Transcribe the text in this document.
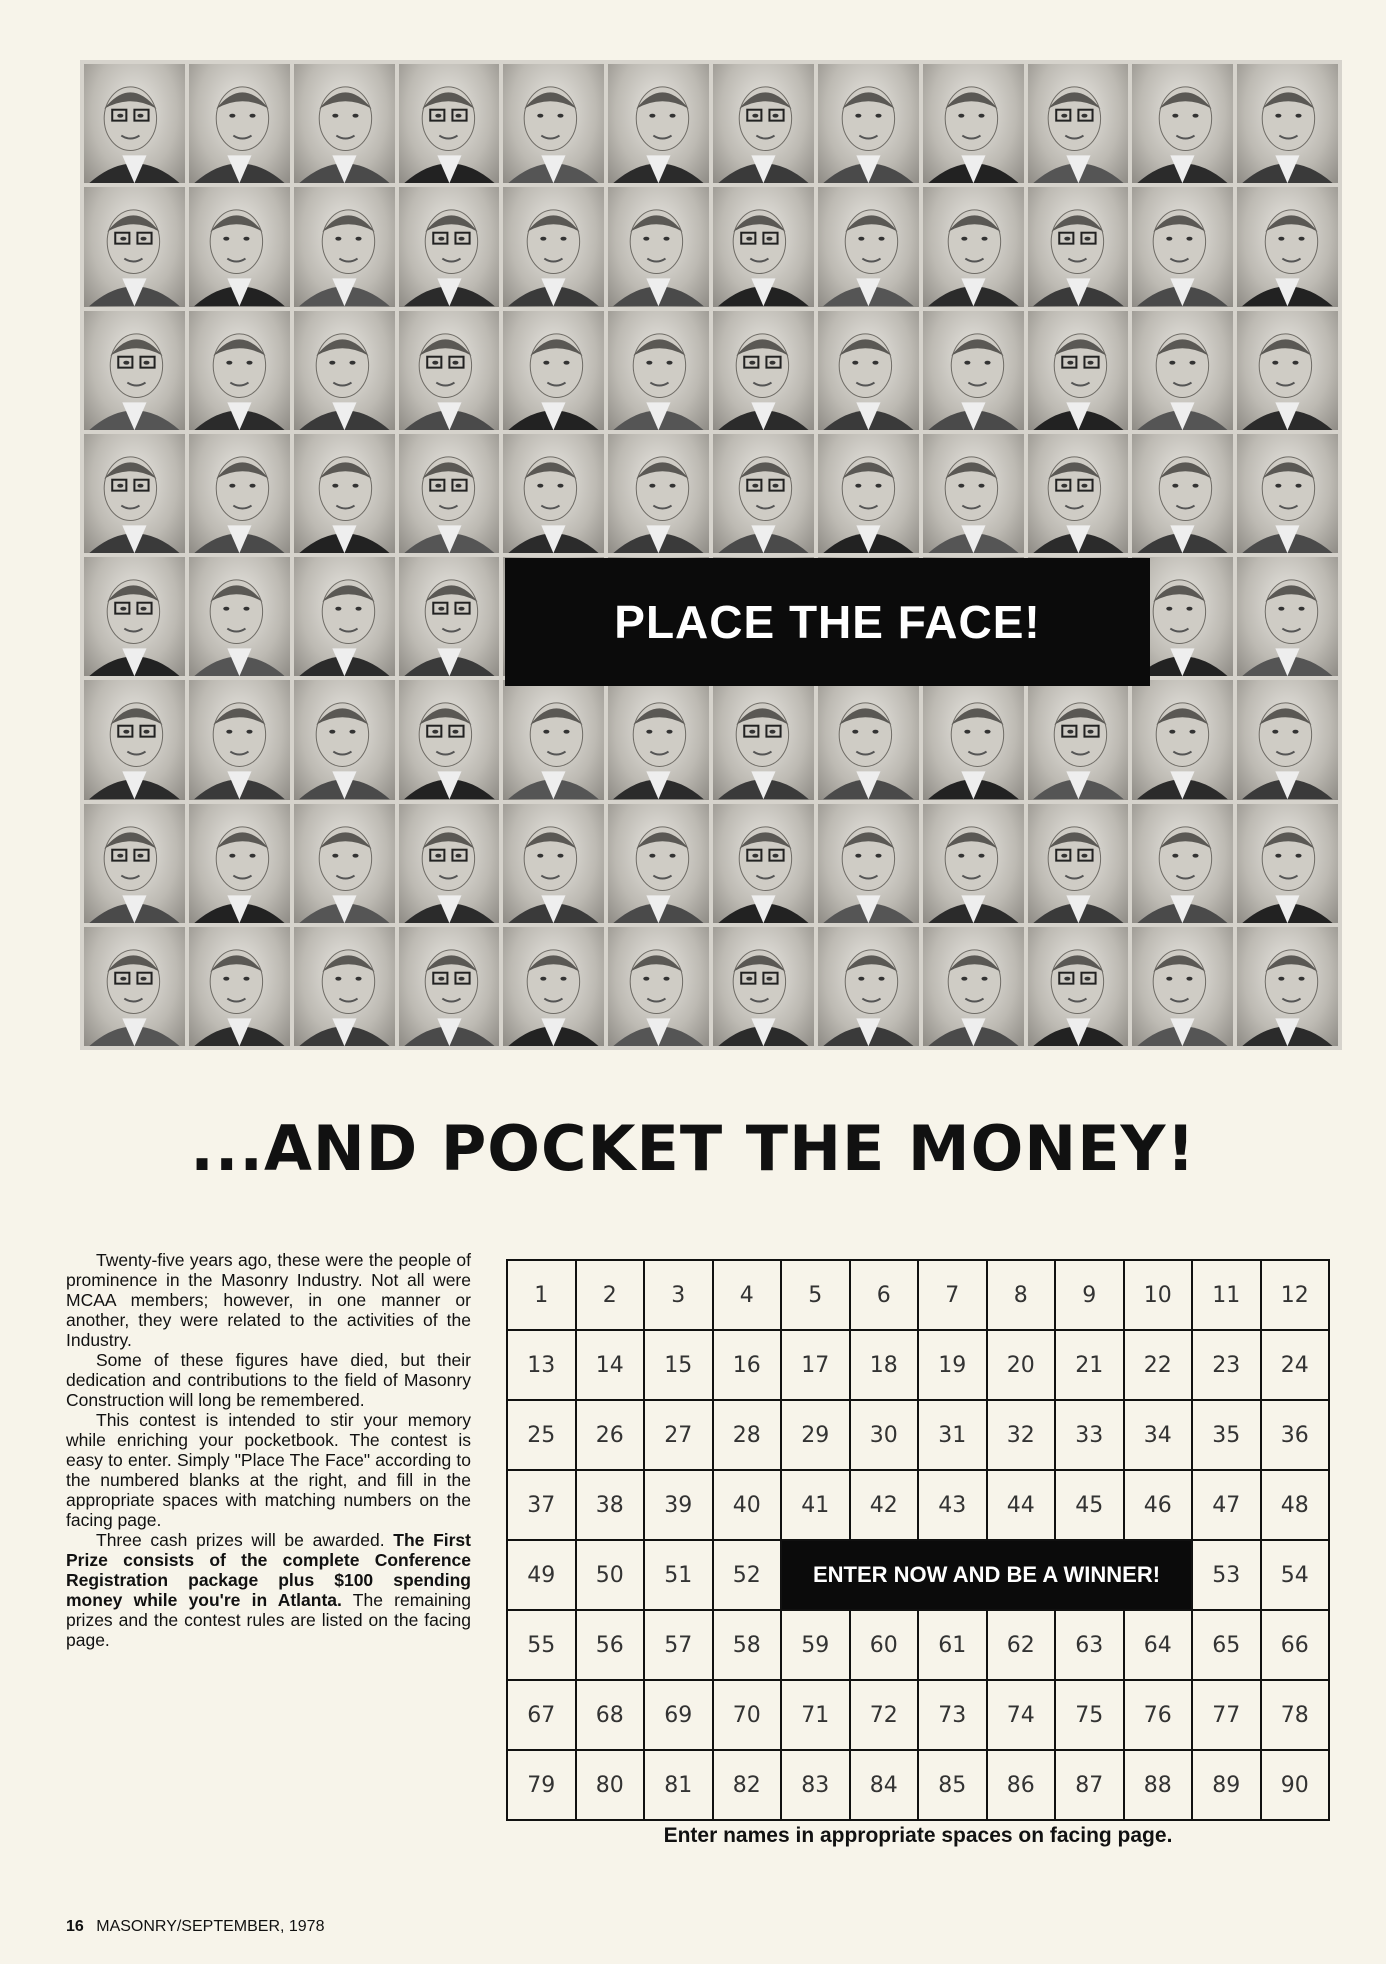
PLACE THE FACE!
...AND POCKET THE MONEY!

Twenty-five years ago, these were the people of prominence in the Masonry Industry. Not all were MCAA members; however, in one manner or another, they were related to the activities of the Industry.

Some of these figures have died, but their dedication and contributions to the field of Masonry Construction will long be remembered.

This contest is intended to stir your memory while enriching your pocketbook. The contest is easy to enter. Simply "Place The Face" according to the numbered blanks at the right, and fill in the appropriate spaces with matching numbers on the facing page.

Three cash prizes will be awarded. The First Prize consists of the complete Conference Registration package plus $100 spending money while you're in Atlanta. The remaining prizes and the contest rules are listed on the facing page.

1	2	3	4	5	6	7	8	9	10	11	12
13	14	15	16	17	18	19	20	21	22	23	24
25	26	27	28	29	30	31	32	33	34	35	36
37	38	39	40	41	42	43	44	45	46	47	48
49	50	51	52	ENTER NOW AND BE A WINNER!						53	54
55	56	57	58	59	60	61	62	63	64	65	66
67	68	69	70	71	72	73	74	75	76	77	78
79	80	81	82	83	84	85	86	87	88	89	90
Enter names in appropriate spaces on facing page.
16 MASONRY/SEPTEMBER, 1978
